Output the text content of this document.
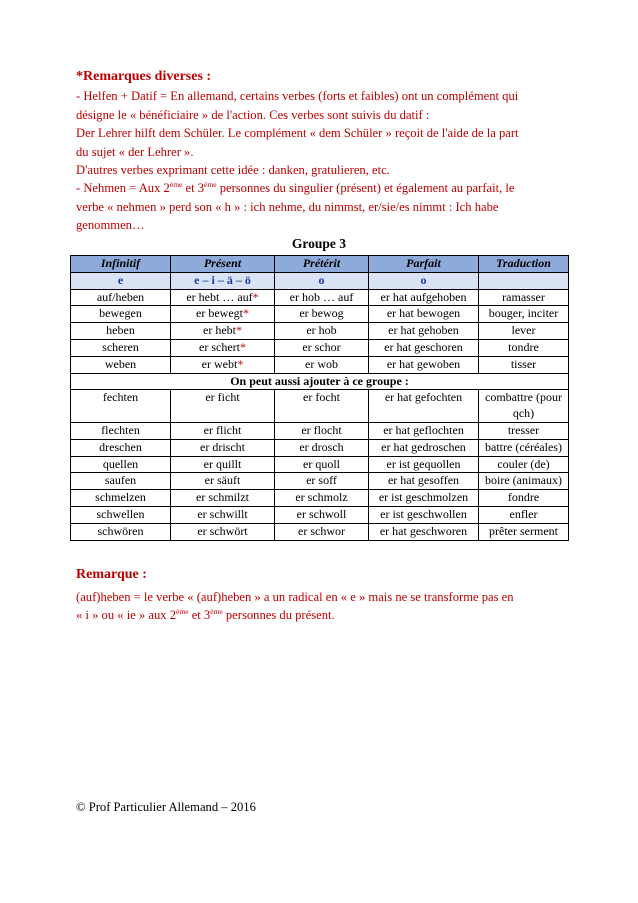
*Remarques diverses :

- Helfen + Datif = En allemand, certains verbes (forts et faibles) ont un complément qui
désigne le « bénéficiaire » de l'action. Ces verbes sont suivis du datif :
Der Lehrer hilft dem Schüler. Le complément « dem Schüler » reçoit de l'aide de la part
du sujet « der Lehrer ».

D'autres verbes exprimant cette idée : danken, gratulieren, etc.

- Nehmen = Aux 2ème et 3ème personnes du singulier (présent) et également au parfait, le
verbe « nehmen » perd son « h » : ich nehme, du nimmst, er/sie/es nimmt : Ich habe
genommen…

Groupe 3
Infinitif	Présent	Prétérit	Parfait	Traduction
e	e – i – ä – ö	o	o	
auf/heben	er hebt … auf*	er hob … auf	er hat aufgehoben	ramasser
bewegen	er bewegt*	er bewog	er hat bewogen	bouger, inciter
heben	er hebt*	er hob	er hat gehoben	lever
scheren	er schert*	er schor	er hat geschoren	tondre
weben	er webt*	er wob	er hat gewoben	tisser
On peut aussi ajouter à ce groupe :				
fechten	er ficht	er focht	er hat gefochten	combattre (pour qch)
flechten	er flicht	er flocht	er hat geflochten	tresser
dreschen	er drischt	er drosch	er hat gedroschen	battre (céréales)
quellen	er quillt	er quoll	er ist gequollen	couler (de)
saufen	er säuft	er soff	er hat gesoffen	boire (animaux)
schmelzen	er schmilzt	er schmolz	er ist geschmolzen	fondre
schwellen	er schwillt	er schwoll	er ist geschwollen	enfler
schwören	er schwört	er schwor	er hat geschworen	prêter serment
Remarque :

(auf)heben = le verbe « (auf)heben » a un radical en « e » mais ne se transforme pas en

« i » ou « ie » aux 2ème et 3ème personnes du présent.

© Prof Particulier Allemand – 2016
